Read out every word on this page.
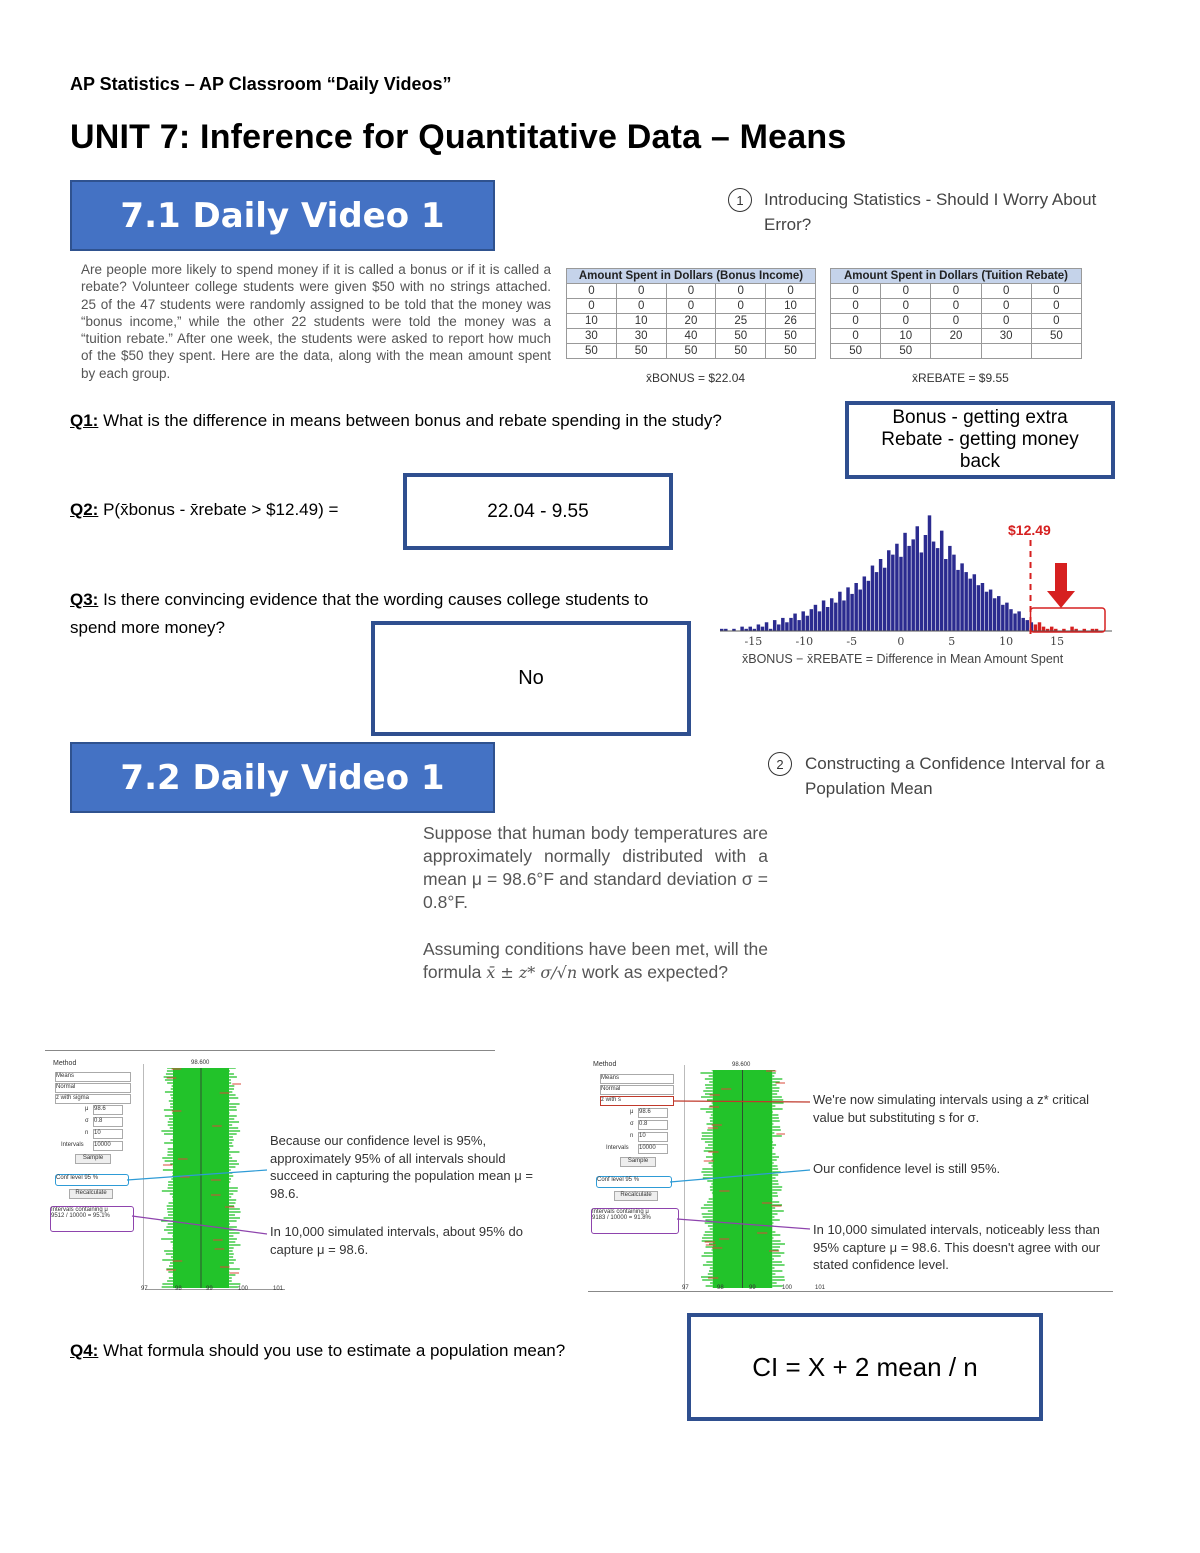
AP Statistics – AP Classroom “Daily Videos”
UNIT 7: Inference for Quantitative Data – Means
7.1 Daily Video 1	1	Introducing Statistics - Should I Worry About Error?
Are people more likely to spend money if it is called a bonus or if it is called a rebate? Volunteer college students were given $50 with no strings attached. 25 of the 47 students were randomly assigned to be told that the money was “bonus income,” while the other 22 students were told the money was a “tuition rebate.” After one week, the students were asked to report how much of the $50 they spent. Here are the data, along with the mean amount spent by each group.
Amount Spent in Dollars (Bonus Income)				
0	0	0	0	0
0	0	0	0	10
10	10	20	25	26
30	30	40	50	50
50	50	50	50	50
x̄BONUS = $22.04
Amount Spent in Dollars (Tuition Rebate)				
0	0	0	0	0
0	0	0	0	0
0	0	0	0	0
0	10	20	30	50
50	50			
x̄REBATE = $9.55
Q1: What is the difference in means between bonus and rebate spending in the study?	Bonus - getting extra
Rebate - getting money back
Q2: P(x̄bonus - x̄rebate > $12.49) =	22.04 - 9.55
Q3: Is there convincing evidence that the wording causes college students to spend more money?
No
-15	-10	-5	0	5	10	15
$12.49
x̄BONUS − x̄REBATE = Difference in Mean Amount Spent
7.2 Daily Video 1	2	Constructing a Confidence Interval for a Population Mean
Suppose that human body temperatures are approximately normally distributed with a mean μ = 98.6°F and standard deviation σ = 0.8°F.
Assuming conditions have been met, will the formula x̄ ± z* σ/√n work as expected?
Method
Means
Normal
z with sigma
μ 98.6
σ 0.8
n 10
Intervals 10000
Sample
Conf level 95 %
Recalculate
Intervals containing μ
9512 / 10000 = 95.1%
98.600
97	98	99	100	101
Because our confidence level is 95%, approximately 95% of all intervals should succeed in capturing the population mean μ = 98.6.
In 10,000 simulated intervals, about 95% do capture μ = 98.6.
Method
Means
Normal
z with s
μ 98.6
σ 0.8
n 10
Intervals 10000
Sample
Conf level 95 %
Recalculate
Intervals containing μ
9183 / 10000 = 91.8%
98.600
97	98	99	100	101
We're now simulating intervals using a z* critical value but substituting s for σ.
Our confidence level is still 95%.
In 10,000 simulated intervals, noticeably less than 95% capture μ = 98.6. This doesn't agree with our stated confidence level.
Q4: What formula should you use to estimate a population mean?
CI = X + 2 mean / n
